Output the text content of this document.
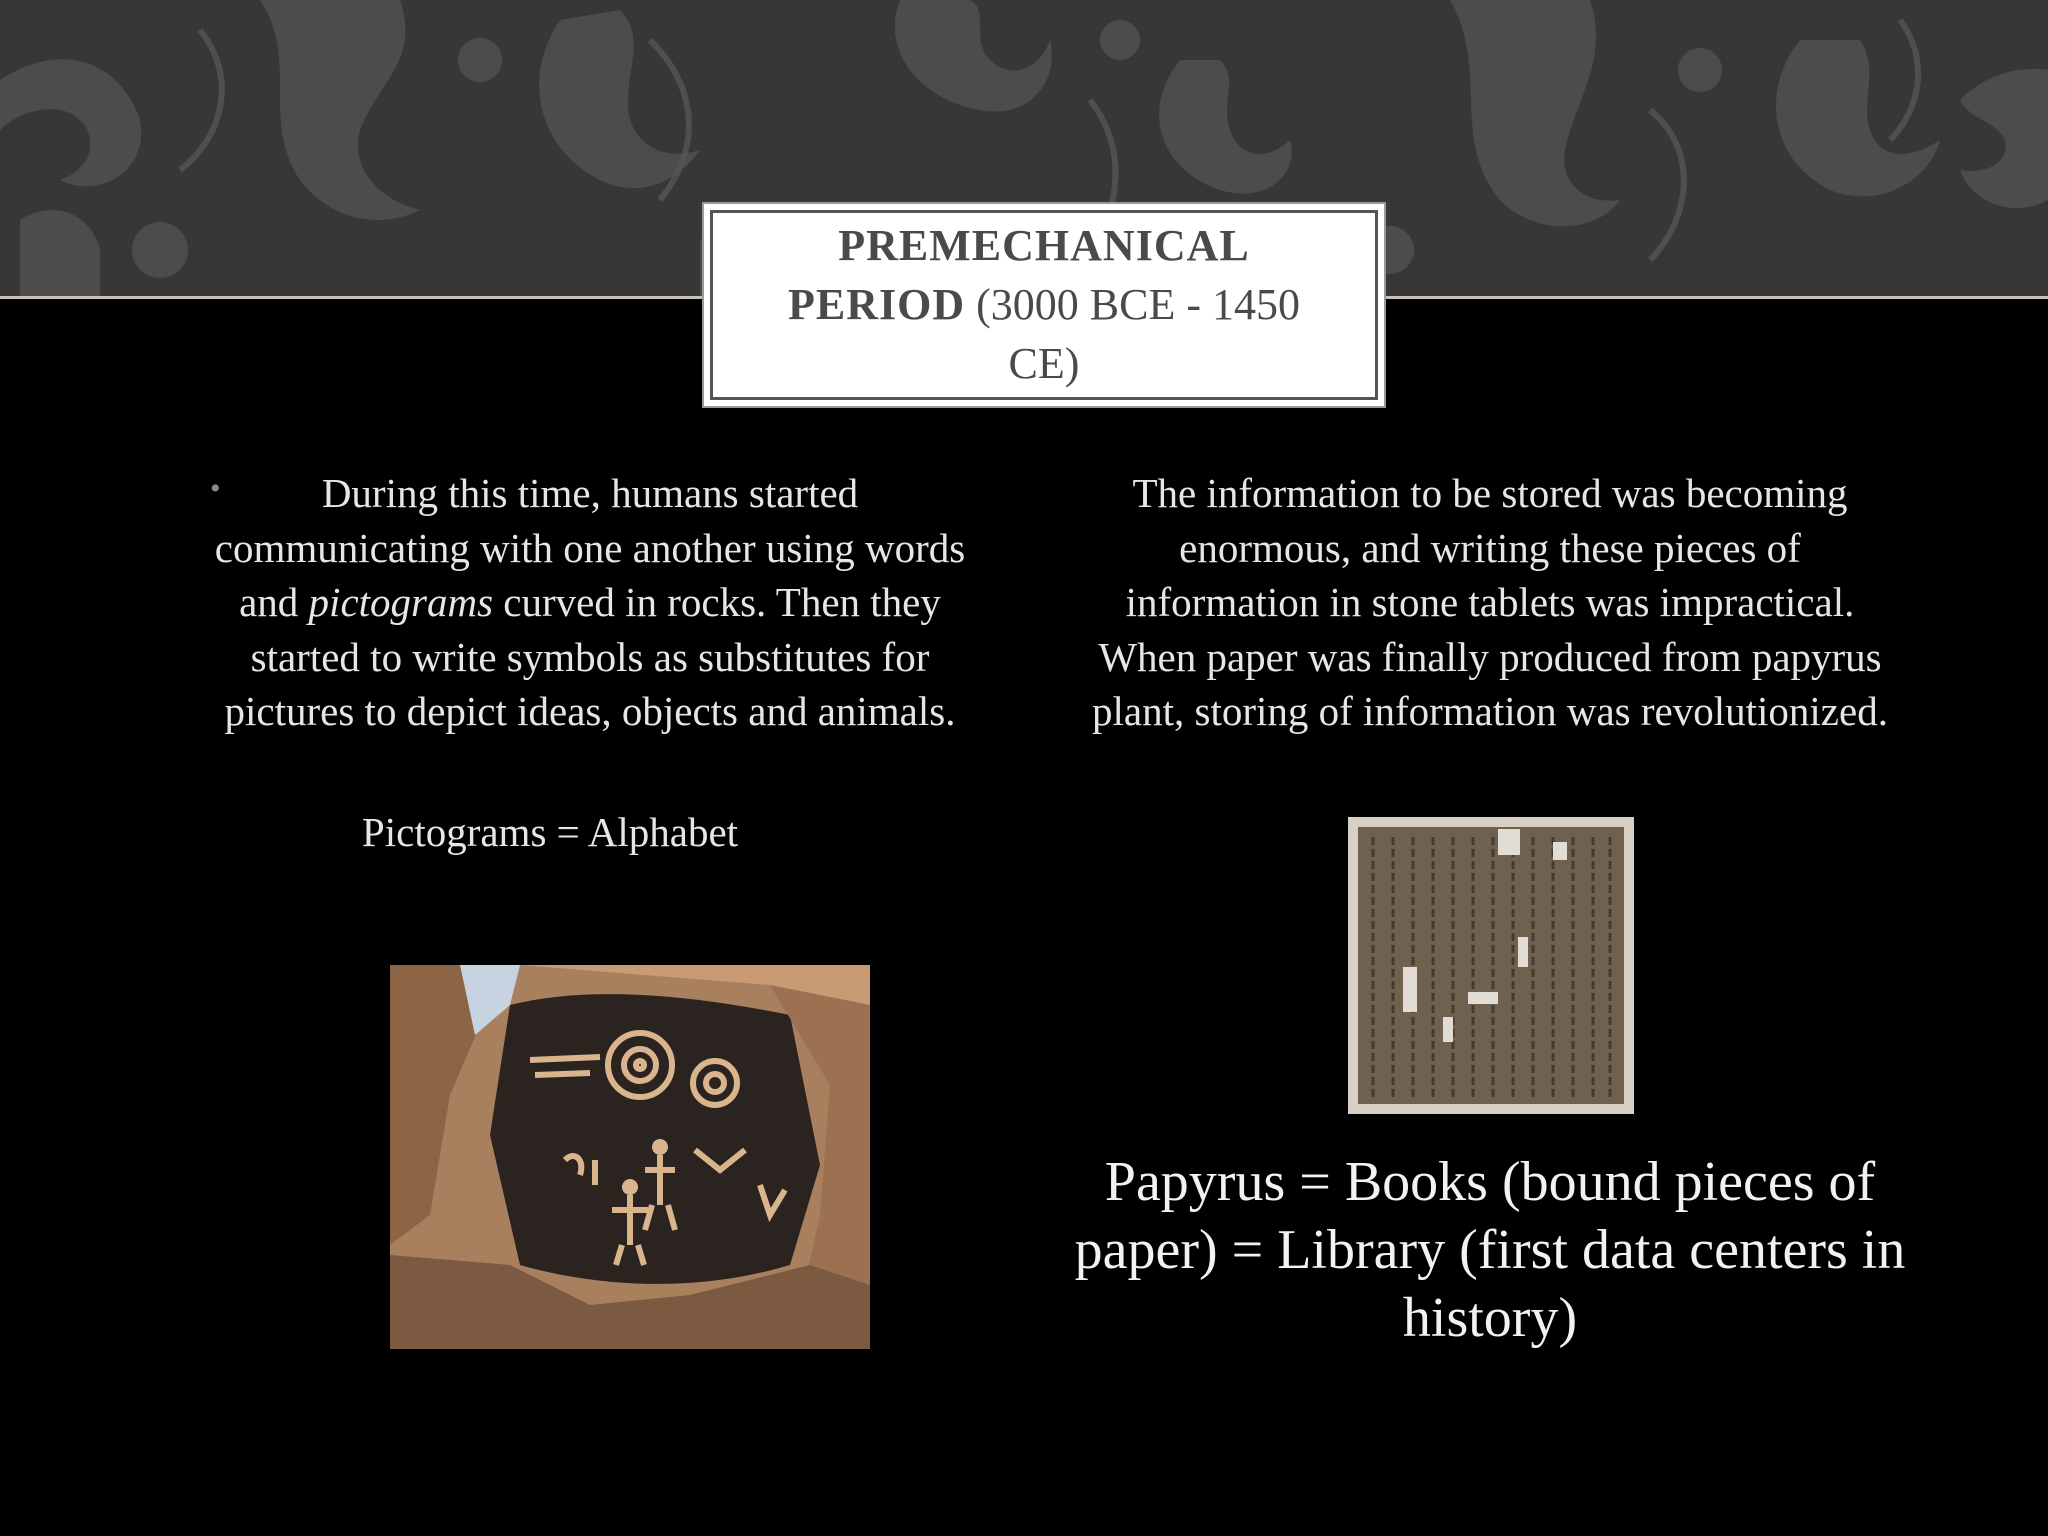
PREMECHANICAL
PERIOD (3000 BCE - 1450
CE)
•	During this time, humans started communicating with one another using words and pictograms curved in rocks. Then they started to write symbols as substitutes for pictures to depict ideas, objects and animals.
Pictograms = Alphabet
The information to be stored was becoming enormous, and writing these pieces of information in stone tablets was impractical. When paper was finally produced from papyrus plant, storing of information was revolutionized.
Papyrus = Books (bound pieces of paper) = Library (first data centers in history)
